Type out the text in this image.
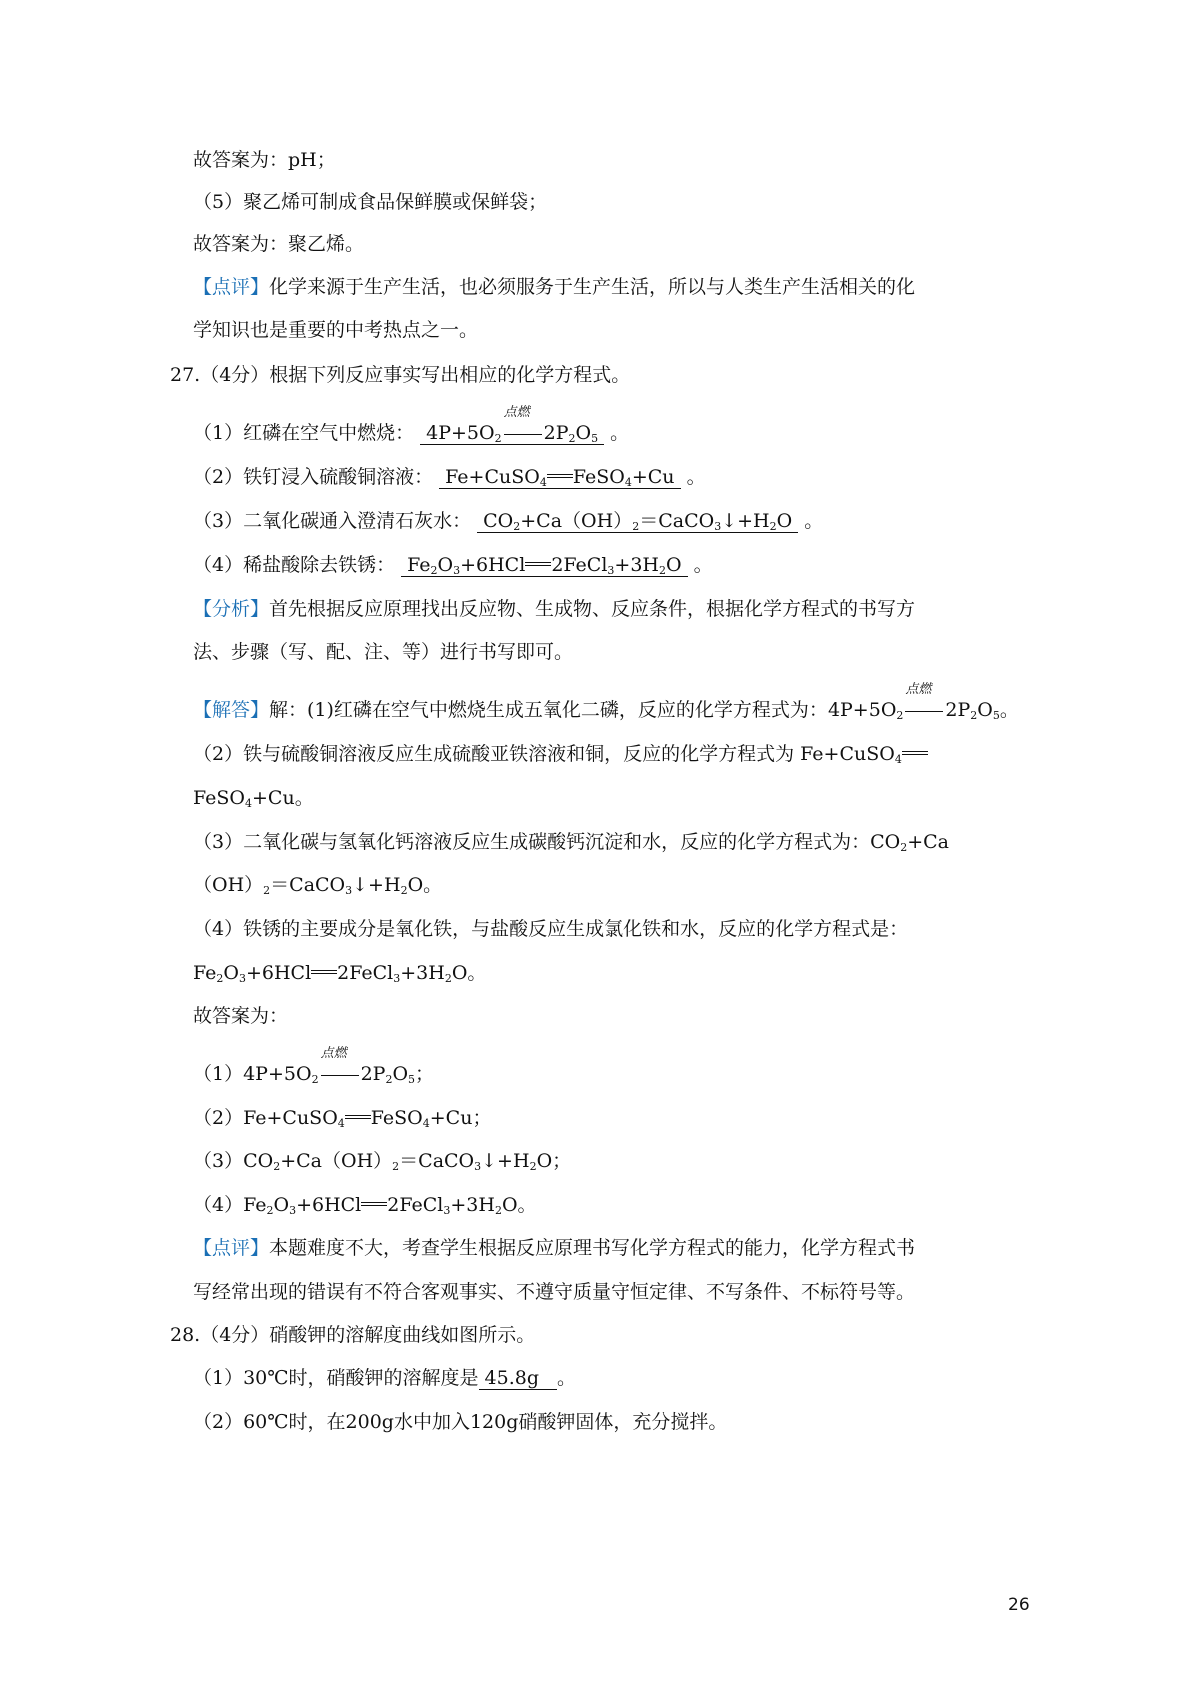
故答案为：pH；
（5）聚乙烯可制成食品保鲜膜或保鲜袋；
故答案为：聚乙烯。
【点评】化学来源于生产生活，也必须服务于生产生活，所以与人类生产生活相关的化
学知识也是重要的中考热点之一。
27.（4分）根据下列反应事实写出相应的化学方程式。
（1）红磷在空气中燃烧： $4P+5O_2$
点燃
$2P_2O_5$ 。
（2）铁钉浸入硫酸铜溶液： Fe+CuSO$_4$ FeSO$_4$+Cu 。
（3）二氧化碳通入澄清石灰水： $CO_2+Ca(OH)_2=CaCO_3↓+H_2O$ 。
（4）稀盐酸除去铁锈： $Fe_2O_3+6HCl$ $2FeCl_3+3H_2O$ 。
【分析】首先根据反应原理找出反应物、生成物、反应条件，根据化学方程式的书写方
法、步骤（写、配、注、等）进行书写即可。
【解答】解：(1)红磷在空气中燃烧生成五氧化二磷，反应的化学方程式为：$4P+5O_2$
点燃
$2P_2O_5$。
（2）铁与硫酸铜溶液反应生成硫酸亚铁溶液和铜，反应的化学方程式为 Fe+CuSO$_4$
FeSO$_4$+Cu。
（3）二氧化碳与氢氧化钙溶液反应生成碳酸钙沉淀和水，反应的化学方程式为：$CO_2+Ca$
$(OH)_2=CaCO_3↓+H_2O$。
（4）铁锈的主要成分是氧化铁，与盐酸反应生成氯化铁和水，反应的化学方程式是：
$Fe_2O_3+6HCl$ $2FeCl_3+3H_2O$。
故答案为：
$(1)4P+5O_2$
点燃
$2P_2O_5$；
（2）Fe+CuSO$_4$ FeSO$_4$+Cu；
$(3)CO_2+Ca(OH)_2=CaCO_3↓+H_2O$；
$(4)Fe_2O_3+6HCl$ $2FeCl_3+3H_2O$。
【点评】本题难度不大，考查学生根据反应原理书写化学方程式的能力，化学方程式书
写经常出现的错误有不符合客观事实、不遵守质量守恒定律、不写条件、不标符号等。
28.（4分）硝酸钾的溶解度曲线如图所示。
（1）30℃时，硝酸钾的溶解度是 45.8g 。
（2）60℃时，在200g水中加入120g硝酸钾固体，充分搅拌。
26
